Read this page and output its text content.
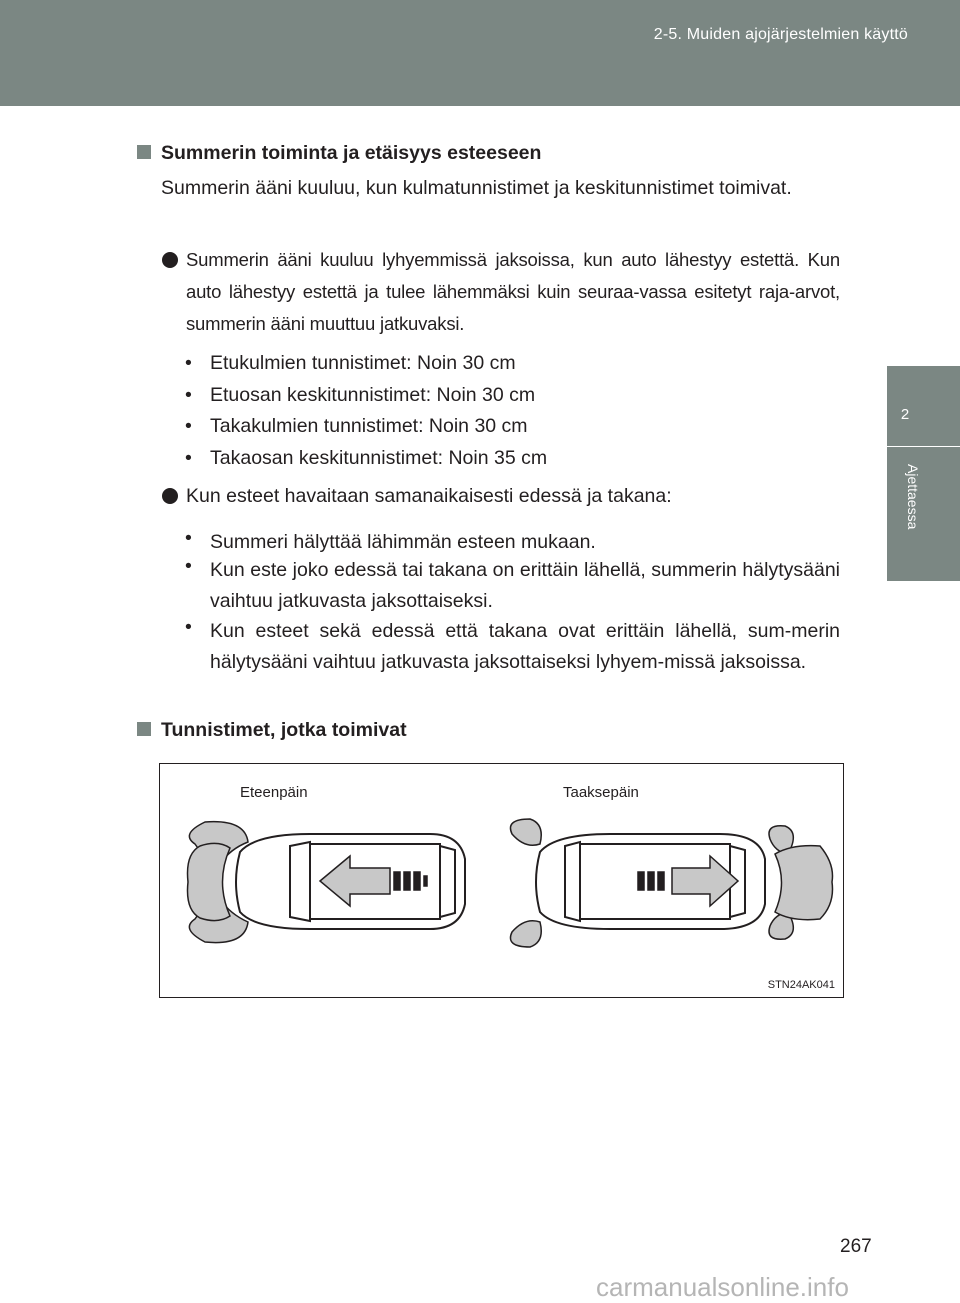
2-5. Muiden ajojärjestelmien käyttö
2
Ajettaessa
Summerin toiminta ja etäisyys esteeseen
Summerin ääni kuuluu, kun kulmatunnistimet ja keskitunnistimet toimivat.
Summerin ääni kuuluu lyhyemmissä jaksoissa, kun auto lähestyy estettä. Kun auto lähestyy estettä ja tulee lähemmäksi kuin seuraa-vassa esitetyt raja-arvot, summerin ääni muuttuu jatkuvaksi.
• Etukulmien tunnistimet: Noin 30 cm
• Etuosan keskitunnistimet: Noin 30 cm
• Takakulmien tunnistimet: Noin 30 cm
• Takaosan keskitunnistimet: Noin 35 cm
Kun esteet havaitaan samanaikaisesti edessä ja takana:
• Summeri hälyttää lähimmän esteen mukaan.
• Kun este joko edessä tai takana on erittäin lähellä, summerin hälytysääni vaihtuu jatkuvasta jaksottaiseksi.
• Kun esteet sekä edessä että takana ovat erittäin lähellä, sum-merin hälytysääni vaihtuu jatkuvasta jaksottaiseksi lyhyem-missä jaksoissa.
Tunnistimet, jotka toimivat
Eteenpäin	Taaksepäin
STN24AK041
267
carmanualsonline.info
